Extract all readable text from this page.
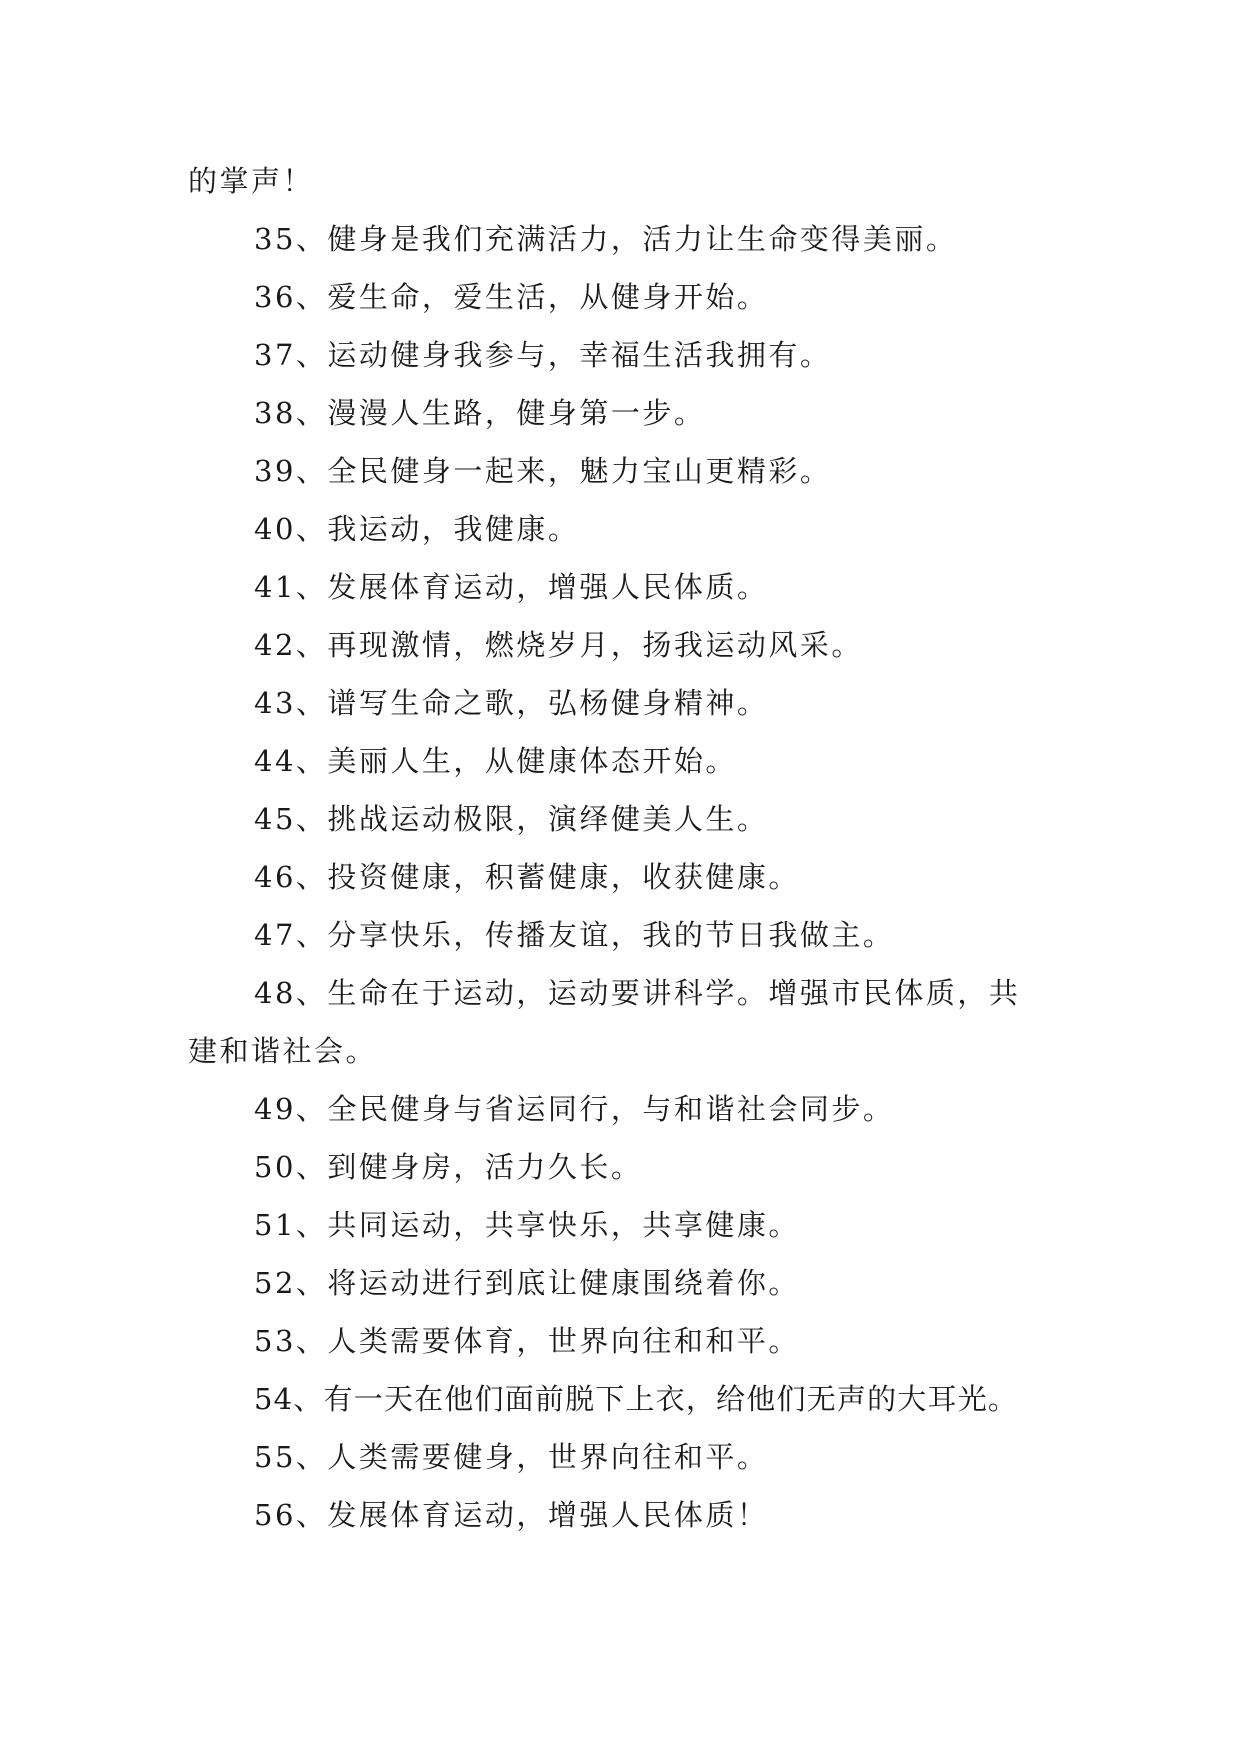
的掌声！
35、健身是我们充满活力，活力让生命变得美丽。
36、爱生命，爱生活，从健身开始。
37、运动健身我参与，幸福生活我拥有。
38、漫漫人生路，健身第一步。
39、全民健身一起来，魅力宝山更精彩。
40、我运动，我健康。
41、发展体育运动，增强人民体质。
42、再现激情，燃烧岁月，扬我运动风采。
43、谱写生命之歌，弘杨健身精神。
44、美丽人生，从健康体态开始。
45、挑战运动极限，演绎健美人生。
46、投资健康，积蓄健康，收获健康。
47、分享快乐，传播友谊，我的节日我做主。
48、生命在于运动，运动要讲科学。增强市民体质，共
建和谐社会。
49、全民健身与省运同行，与和谐社会同步。
50、到健身房，活力久长。
51、共同运动，共享快乐，共享健康。
52、将运动进行到底让健康围绕着你。
53、人类需要体育，世界向往和和平。
54、有一天在他们面前脱下上衣，给他们无声的大耳光。
55、人类需要健身，世界向往和平。
56、发展体育运动，增强人民体质！
